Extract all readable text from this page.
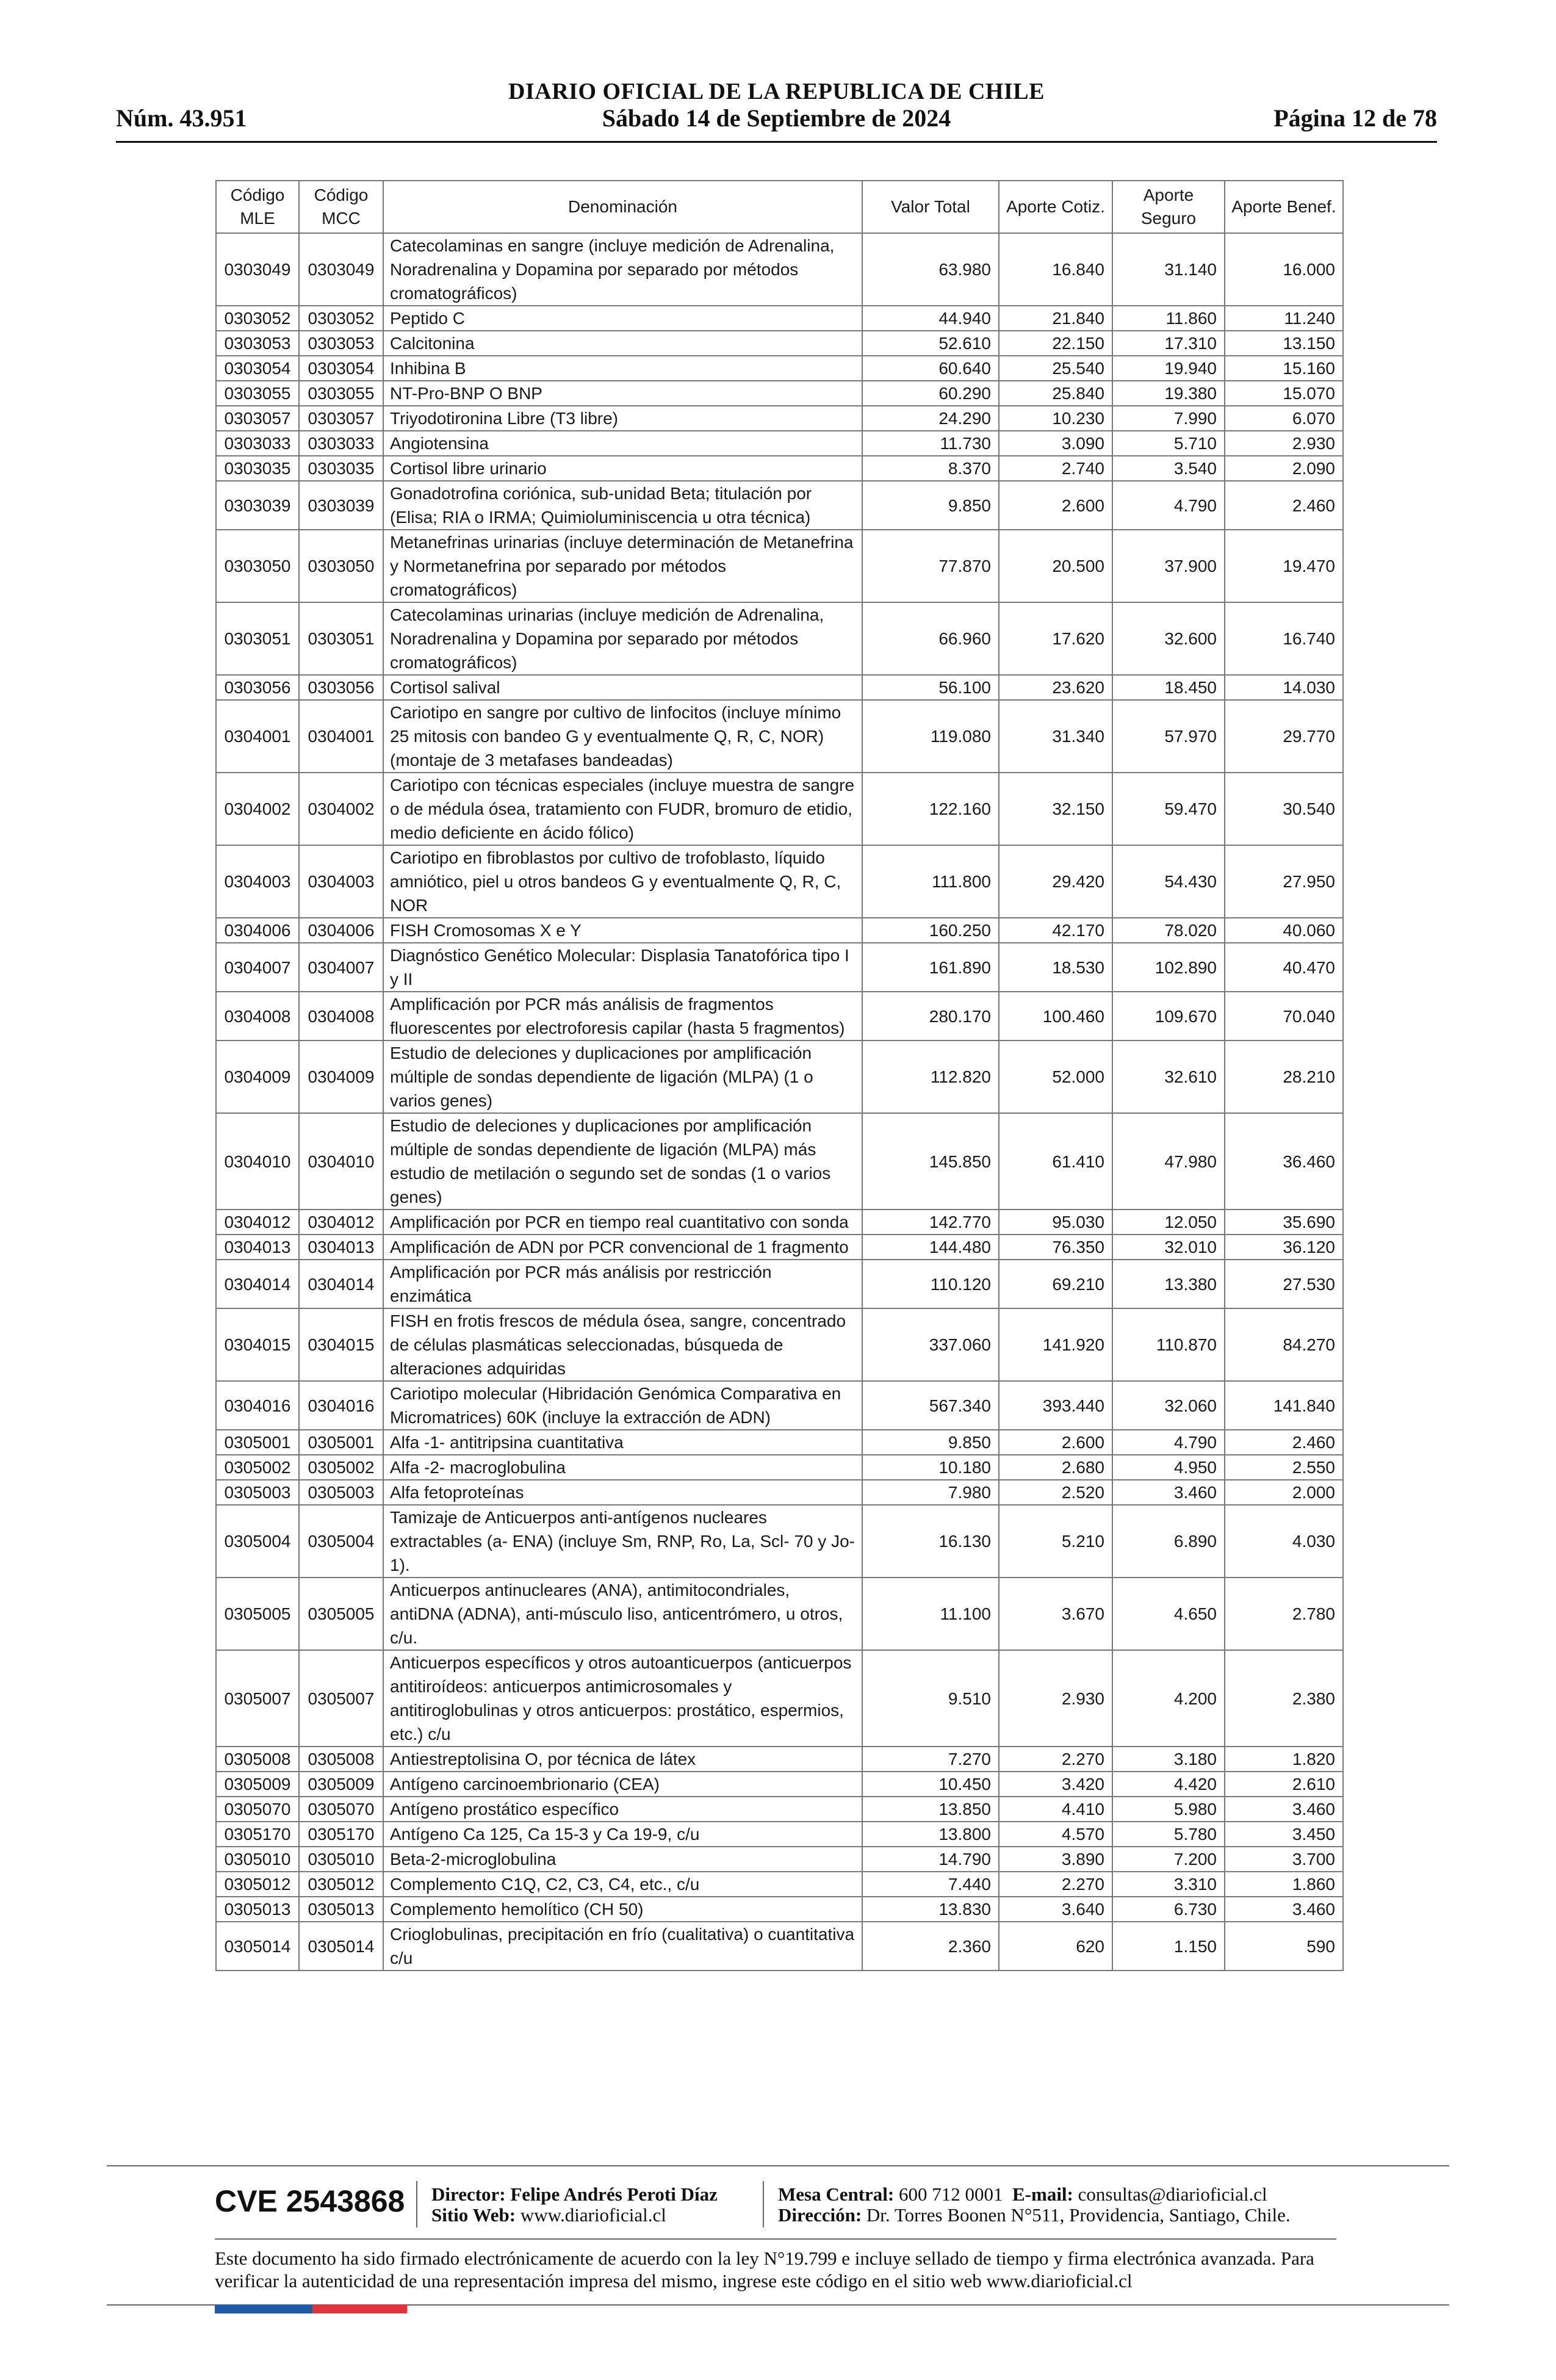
DIARIO OFICIAL DE LA REPUBLICA DE CHILE
Núm. 43.951	Sábado 14 de Septiembre de 2024	Página 12 de 78
Código MLE	Código MCC	Denominación	Valor Total	Aporte Cotiz.	Aporte Seguro	Aporte Benef.
0303049	0303049	Catecolaminas en sangre (incluye medición de Adrenalina, Noradrenalina y Dopamina por separado por métodos cromatográficos)	63.980	16.840	31.140	16.000
0303052	0303052	Peptido C	44.940	21.840	11.860	11.240
0303053	0303053	Calcitonina	52.610	22.150	17.310	13.150
0303054	0303054	Inhibina B	60.640	25.540	19.940	15.160
0303055	0303055	NT-Pro-BNP O BNP	60.290	25.840	19.380	15.070
0303057	0303057	Triyodotironina Libre (T3 libre)	24.290	10.230	7.990	6.070
0303033	0303033	Angiotensina	11.730	3.090	5.710	2.930
0303035	0303035	Cortisol libre urinario	8.370	2.740	3.540	2.090
0303039	0303039	Gonadotrofina coriónica, sub-unidad Beta; titulación por (Elisa; RIA o IRMA; Quimioluminiscencia u otra técnica)	9.850	2.600	4.790	2.460
0303050	0303050	Metanefrinas urinarias (incluye determinación de Metanefrina y Normetanefrina por separado por métodos cromatográficos)	77.870	20.500	37.900	19.470
0303051	0303051	Catecolaminas urinarias (incluye medición de Adrenalina, Noradrenalina y Dopamina por separado por métodos cromatográficos)	66.960	17.620	32.600	16.740
0303056	0303056	Cortisol salival	56.100	23.620	18.450	14.030
0304001	0304001	Cariotipo en sangre por cultivo de linfocitos (incluye mínimo 25 mitosis con bandeo G y eventualmente Q, R, C, NOR) (montaje de 3 metafases bandeadas)	119.080	31.340	57.970	29.770
0304002	0304002	Cariotipo con técnicas especiales (incluye muestra de sangre o de médula ósea, tratamiento con FUDR, bromuro de etidio, medio deficiente en ácido fólico)	122.160	32.150	59.470	30.540
0304003	0304003	Cariotipo en fibroblastos por cultivo de trofoblasto, líquido amniótico, piel u otros bandeos G y eventualmente Q, R, C, NOR	111.800	29.420	54.430	27.950
0304006	0304006	FISH Cromosomas X e Y	160.250	42.170	78.020	40.060
0304007	0304007	Diagnóstico Genético Molecular: Displasia Tanatofórica tipo I y II	161.890	18.530	102.890	40.470
0304008	0304008	Amplificación por PCR más análisis de fragmentos fluorescentes por electroforesis capilar (hasta 5 fragmentos)	280.170	100.460	109.670	70.040
0304009	0304009	Estudio de deleciones y duplicaciones por amplificación múltiple de sondas dependiente de ligación (MLPA) (1 o varios genes)	112.820	52.000	32.610	28.210
0304010	0304010	Estudio de deleciones y duplicaciones por amplificación múltiple de sondas dependiente de ligación (MLPA) más estudio de metilación o segundo set de sondas (1 o varios genes)	145.850	61.410	47.980	36.460
0304012	0304012	Amplificación por PCR en tiempo real cuantitativo con sonda	142.770	95.030	12.050	35.690
0304013	0304013	Amplificación de ADN por PCR convencional de 1 fragmento	144.480	76.350	32.010	36.120
0304014	0304014	Amplificación por PCR más análisis por restricción enzimática	110.120	69.210	13.380	27.530
0304015	0304015	FISH en frotis frescos de médula ósea, sangre, concentrado de células plasmáticas seleccionadas, búsqueda de alteraciones adquiridas	337.060	141.920	110.870	84.270
0304016	0304016	Cariotipo molecular (Hibridación Genómica Comparativa en Micromatrices) 60K (incluye la extracción de ADN)	567.340	393.440	32.060	141.840
0305001	0305001	Alfa -1- antitripsina cuantitativa	9.850	2.600	4.790	2.460
0305002	0305002	Alfa -2- macroglobulina	10.180	2.680	4.950	2.550
0305003	0305003	Alfa fetoproteínas	7.980	2.520	3.460	2.000
0305004	0305004	Tamizaje de Anticuerpos anti-antígenos nucleares extractables (a- ENA) (incluye Sm, RNP, Ro, La, Scl- 70 y Jo- 1).	16.130	5.210	6.890	4.030
0305005	0305005	Anticuerpos antinucleares (ANA), antimitocondriales, antiDNA (ADNA), anti-músculo liso, anticentrómero, u otros, c/u.	11.100	3.670	4.650	2.780
0305007	0305007	Anticuerpos específicos y otros autoanticuerpos (anticuerpos antitiroídeos: anticuerpos antimicrosomales y antitiroglobulinas y otros anticuerpos: prostático, espermios, etc.) c/u	9.510	2.930	4.200	2.380
0305008	0305008	Antiestreptolisina O, por técnica de látex	7.270	2.270	3.180	1.820
0305009	0305009	Antígeno carcinoembrionario (CEA)	10.450	3.420	4.420	2.610
0305070	0305070	Antígeno prostático específico	13.850	4.410	5.980	3.460
0305170	0305170	Antígeno Ca 125, Ca 15-3 y Ca 19-9, c/u	13.800	4.570	5.780	3.450
0305010	0305010	Beta-2-microglobulina	14.790	3.890	7.200	3.700
0305012	0305012	Complemento C1Q, C2, C3, C4, etc., c/u	7.440	2.270	3.310	1.860
0305013	0305013	Complemento hemolítico (CH 50)	13.830	3.640	6.730	3.460
0305014	0305014	Crioglobulinas, precipitación en frío (cualitativa) o cuantitativa c/u	2.360	620	1.150	590
CVE 2543868 Director: Felipe Andrés Peroti Díaz
Sitio Web: www.diarioficial.cl
Mesa Central: 600 712 0001 E-mail: consultas@diarioficial.cl
Dirección: Dr. Torres Boonen N°511, Providencia, Santiago, Chile.
Este documento ha sido firmado electrónicamente de acuerdo con la ley N°19.799 e incluye sellado de tiempo y firma electrónica avanzada. Para verificar la autenticidad de una representación impresa del mismo, ingrese este código en el sitio web www.diarioficial.cl
